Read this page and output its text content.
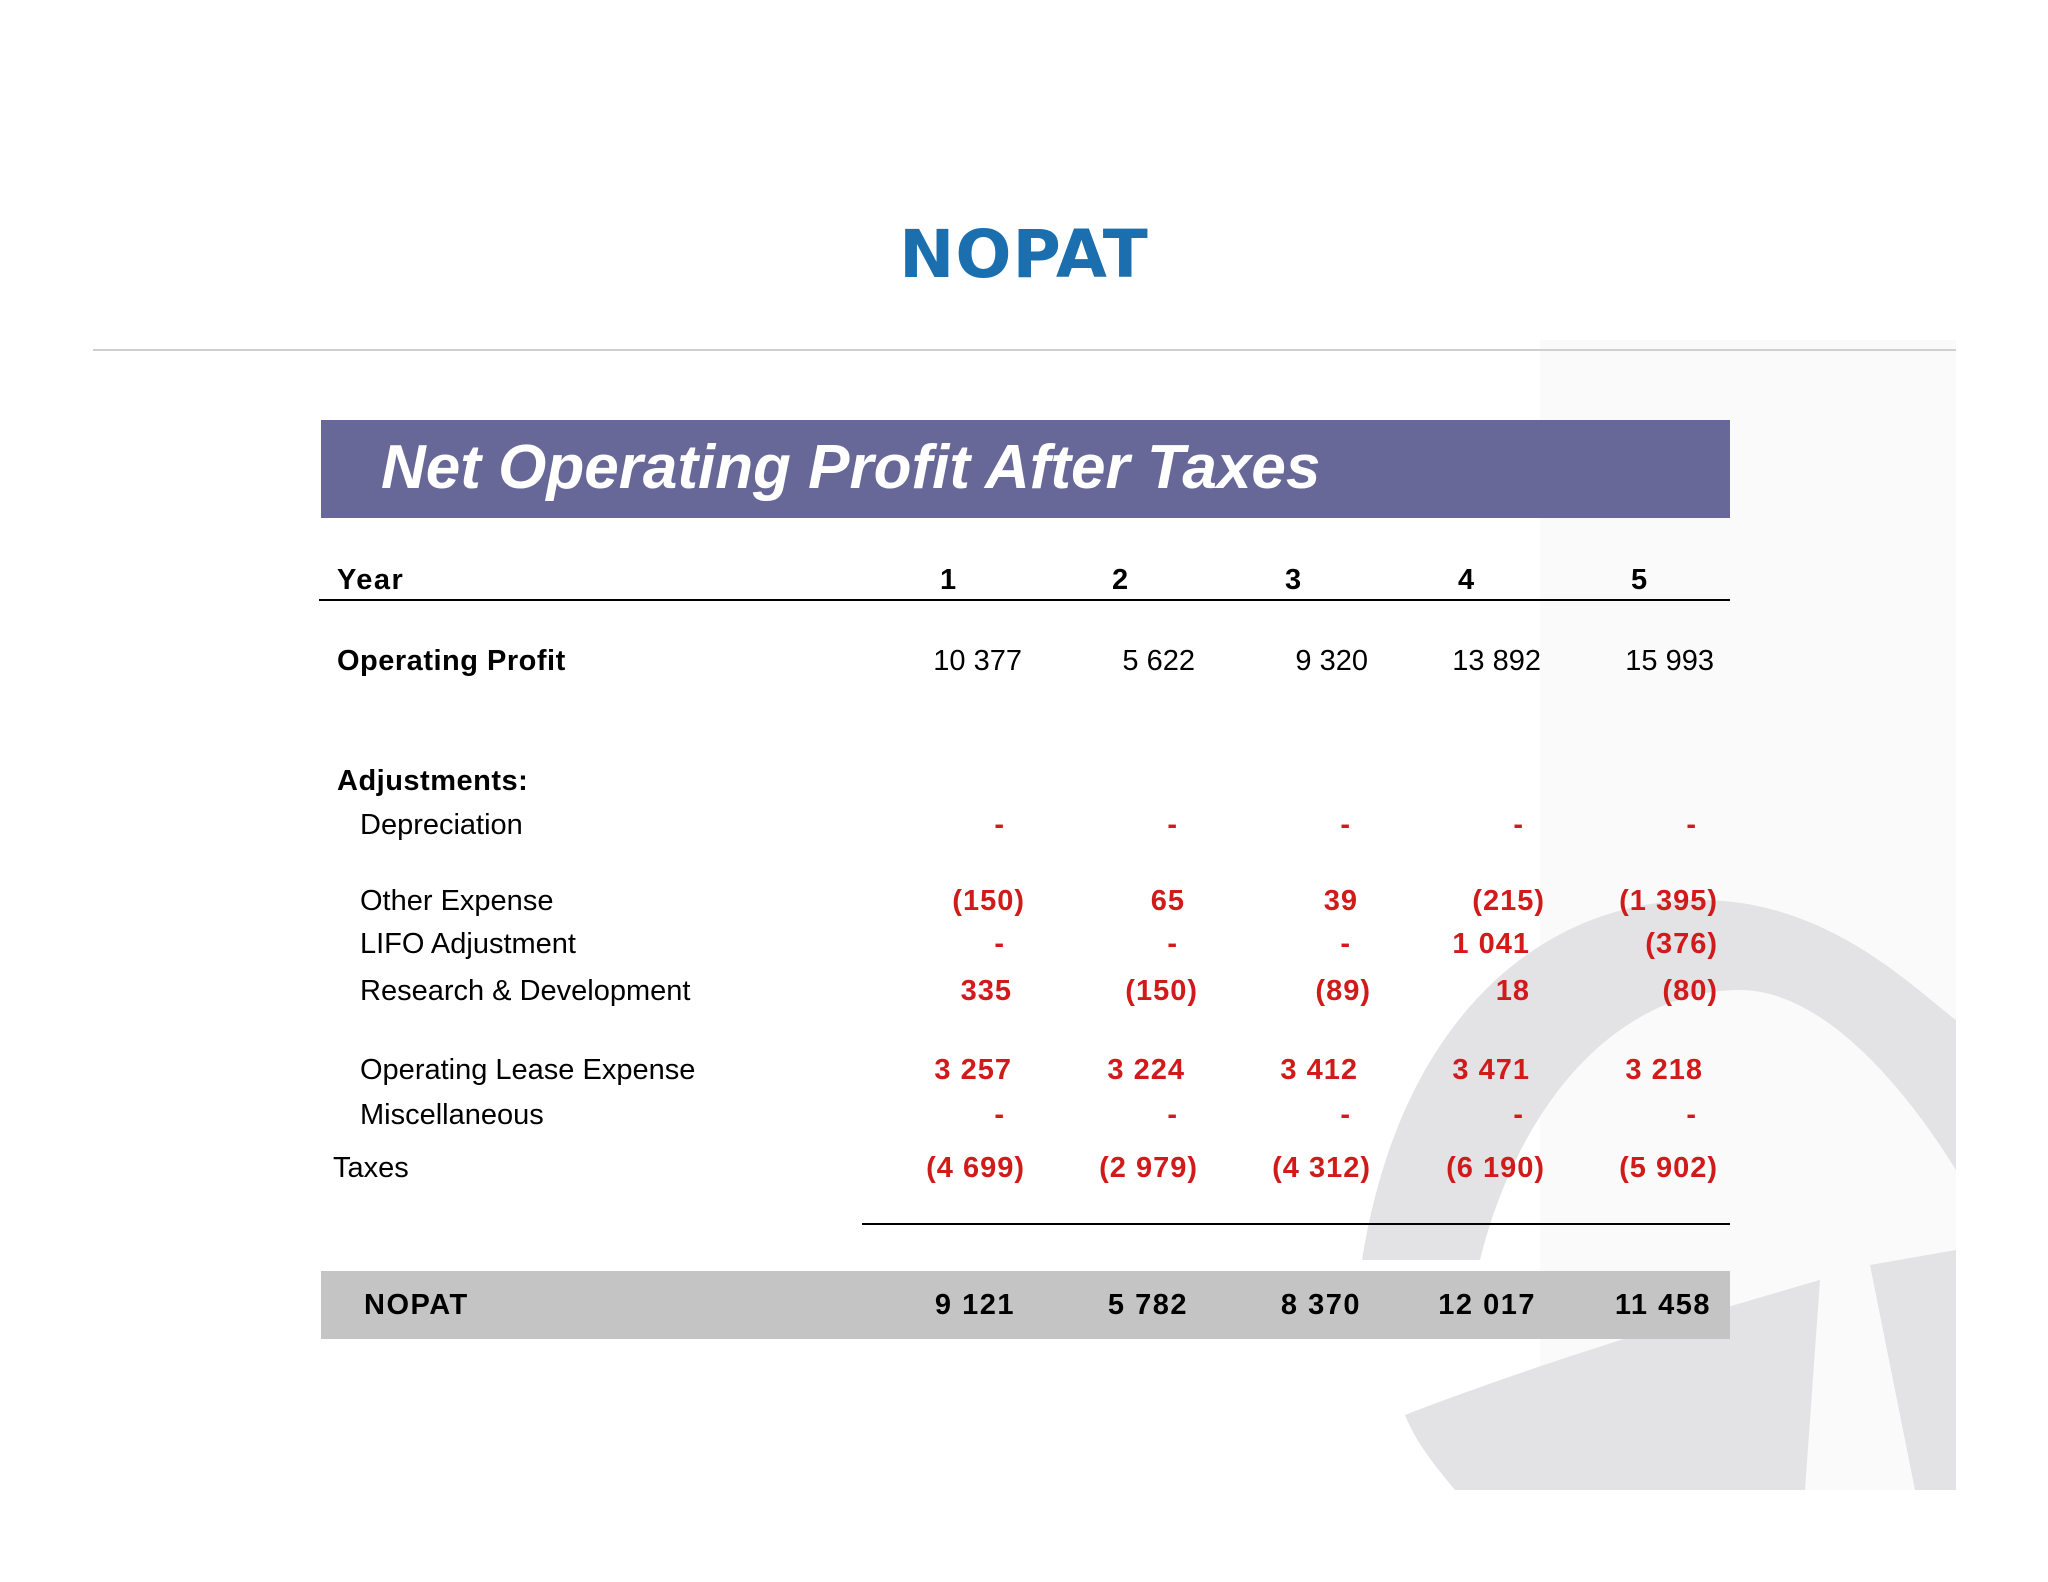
NOPAT
Net Operating Profit After Taxes
Year	1	2	3	4	5
Operating Profit	10 377	5 622	9 320	13 892	15 993
Adjustments:
Depreciation	-	-	-	-	-
Other Expense	(150)	65	39	(215)	(1 395)
LIFO Adjustment	-	-	-	1 041	(376)
Research & Development	335	(150)	(89)	18	(80)
Operating Lease Expense	3 257	3 224	3 412	3 471	3 218
Miscellaneous	-	-	-	-	-
Taxes	(4 699)	(2 979)	(4 312)	(6 190)	(5 902)
NOPAT	9 121	5 782	8 370	12 017	11 458
